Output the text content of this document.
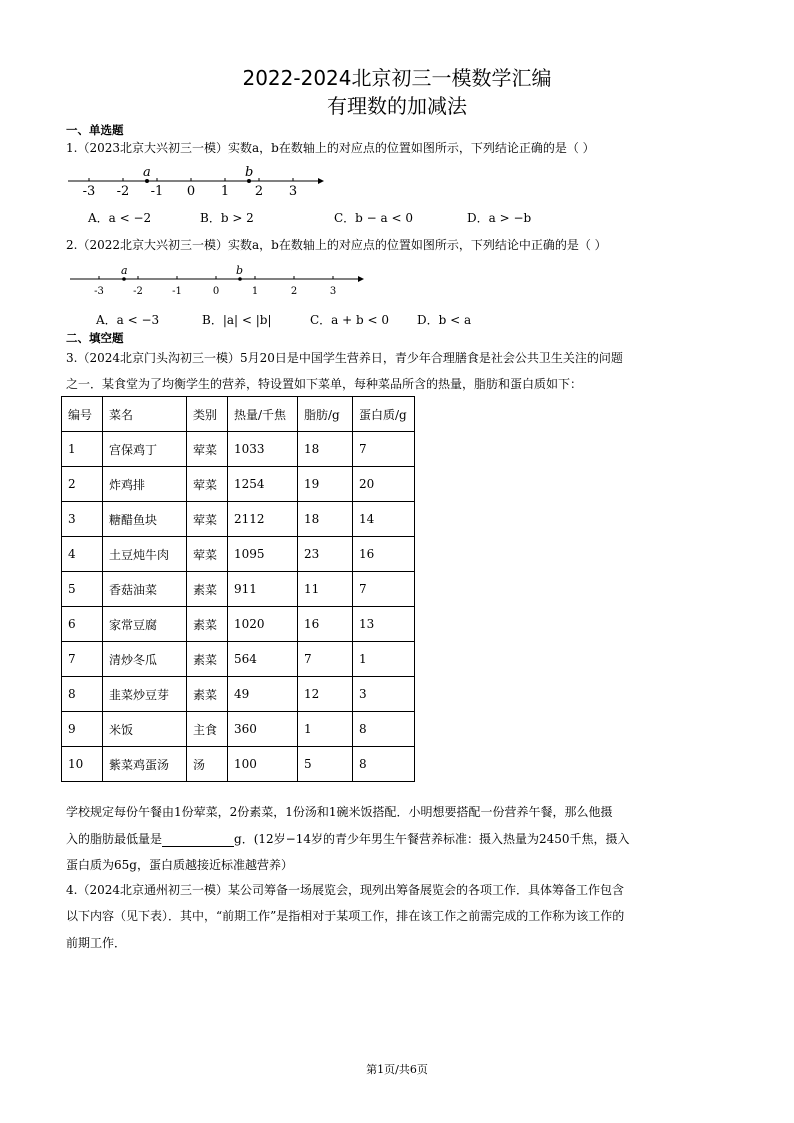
2022-2024北京初三一模数学汇编
有理数的加减法
一、单选题
1.（2023北京大兴初三一模）实数a，b在数轴上的对应点的位置如图所示，下列结论正确的是（ ）
-3 -2 -1 0 1 2 3
a	b
A．a < −2	B．b > 2	C．b − a < 0	D．a > −b
2.（2022北京大兴初三一模）实数a，b在数轴上的对应点的位置如图所示，下列结论中正确的是（ ）
-3	-2	-1	0	1	2	3
a	b
A．a < −3	B．|a| < |b|	C．a + b < 0 D．b < a
二、填空题
3.（2024北京门头沟初三一模）5月20日是中国学生营养日，青少年合理膳食是社会公共卫生关注的问题
之一．某食堂为了均衡学生的营养，特设置如下菜单，每种菜品所含的热量，脂肪和蛋白质如下：
编号	菜名	类别	热量/千焦	脂肪/g	蛋白质/g
1	宫保鸡丁	荤菜	1033	18	7
2	炸鸡排	荤菜	1254	19	20
3	糖醋鱼块	荤菜	2112	18	14
4	土豆炖牛肉	荤菜	1095	23	16
5	香菇油菜	素菜	911	11	7
6	家常豆腐	素菜	1020	16	13
7	清炒冬瓜	素菜	564	7	1
8	韭菜炒豆芽	素菜	49	12	3
9	米饭	主食	360	1	8
10	紫菜鸡蛋汤	汤	100	5	8
学校规定每份午餐由1份荤菜，2份素菜，1份汤和1碗米饭搭配．小明想要搭配一份营养午餐，那么他摄
入的脂肪最低量是	g．(12岁−14岁的青少年男生午餐营养标准：摄入热量为2450千焦，摄入
蛋白质为65g，蛋白质越接近标准越营养）
4.（2024北京通州初三一模）某公司筹备一场展览会，现列出筹备展览会的各项工作．具体筹备工作包含
以下内容（见下表）．其中，“前期工作”是指相对于某项工作，排在该工作之前需完成的工作称为该工作的
前期工作．
第1页/共6页
